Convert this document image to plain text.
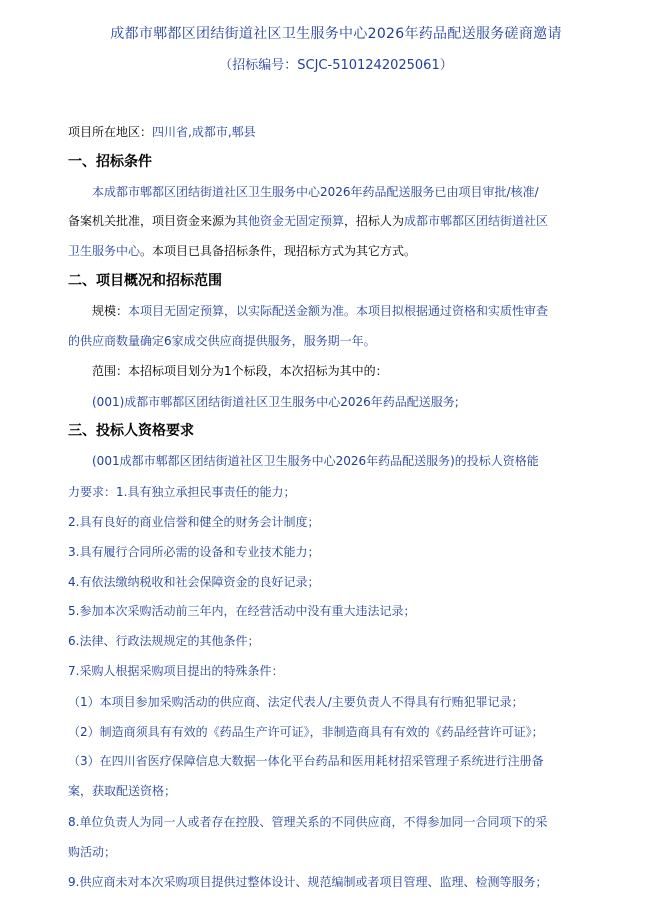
成都市郫都区团结街道社区卫生服务中心2026年药品配送服务磋商邀请
（招标编号：SCJC-5101242025061）
项目所在地区：四川省,成都市,郫县
一、招标条件
本成都市郫都区团结街道社区卫生服务中心2026年药品配送服务已由项目审批/核准/
备案机关批准，项目资金来源为其他资金无固定预算，招标人为成都市郫都区团结街道社区
卫生服务中心。本项目已具备招标条件，现招标方式为其它方式。
二、项目概况和招标范围
规模：本项目无固定预算，以实际配送金额为准。本项目拟根据通过资格和实质性审查
的供应商数量确定6家成交供应商提供服务，服务期一年。
范围：本招标项目划分为1个标段，本次招标为其中的：
(001)成都市郫都区团结街道社区卫生服务中心2026年药品配送服务;
三、投标人资格要求
(001成都市郫都区团结街道社区卫生服务中心2026年药品配送服务)的投标人资格能
力要求：1.具有独立承担民事责任的能力；
2.具有良好的商业信誉和健全的财务会计制度；
3.具有履行合同所必需的设备和专业技术能力；
4.有依法缴纳税收和社会保障资金的良好记录；
5.参加本次采购活动前三年内，在经营活动中没有重大违法记录；
6.法律、行政法规规定的其他条件；
7.采购人根据采购项目提出的特殊条件：
（1）本项目参加采购活动的供应商、法定代表人/主要负责人不得具有行贿犯罪记录；
（2）制造商须具有有效的《药品生产许可证》，非制造商具有有效的《药品经营许可证》；
（3）在四川省医疗保障信息大数据一体化平台药品和医用耗材招采管理子系统进行注册备
案，获取配送资格；
8.单位负责人为同一人或者存在控股、管理关系的不同供应商，不得参加同一合同项下的采
购活动；
9.供应商未对本次采购项目提供过整体设计、规范编制或者项目管理、监理、检测等服务；
